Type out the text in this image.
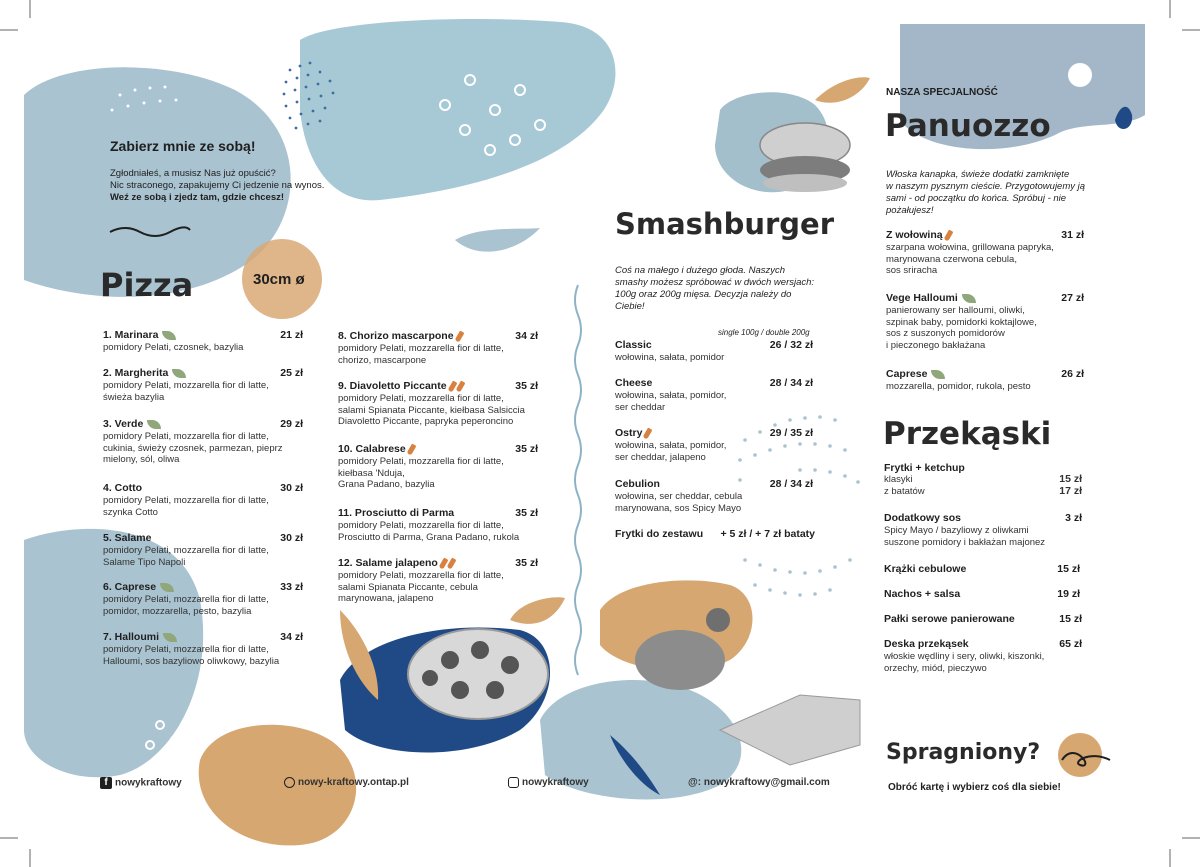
Zabierz mnie ze sobą!
Zgłodniałeś, a musisz Nas już opuścić?
Nic straconego, zapakujemy Ci jedzenie na wynos.
Weź ze sobą i zjedz tam, gdzie chcesz!
Pizza	30cm ø
1. Marinara	21 zł
pomidory Pelati, czosnek, bazylia
2. Margherita	25 zł
pomidory Pelati, mozzarella fior di latte,
świeża bazylia
3. Verde	29 zł
pomidory Pelati, mozzarella fior di latte,
cukinia, świeży czosnek, parmezan, pieprz
mielony, sól, oliwa
4. Cotto	30 zł
pomidory Pelati, mozzarella fior di latte,
szynka Cotto
5. Salame	30 zł
pomidory Pelati, mozzarella fior di latte,
Salame Tipo Napoli
6. Caprese	33 zł
pomidory Pelati, mozzarella fior di latte,
pomidor, mozzarella, pesto, bazylia
7. Halloumi	34 zł
pomidory Pelati, mozzarella fior di latte,
Halloumi, sos bazyliowo oliwkowy, bazylia
8. Chorizo mascarpone	34 zł
pomidory Pelati, mozzarella fior di latte,
chorizo, mascarpone
9. Diavoletto Piccante	35 zł
pomidory Pelati, mozzarella fior di latte,
salami Spianata Piccante, kiełbasa Salsiccia
Diavoletto Piccante, papryka peperoncino
10. Calabrese	35 zł
pomidory Pelati, mozzarella fior di latte,
kiełbasa 'Nduja,
Grana Padano, bazylia
11. Prosciutto di Parma	35 zł
pomidory Pelati, mozzarella fior di latte,
Prosciutto di Parma, Grana Padano, rukola
12. Salame jalapeno	35 zł
pomidory Pelati, mozzarella fior di latte,
salami Spianata Piccante, cebula
marynowana, jalapeno
Smashburger
Coś na małego i dużego głoda. Naszych
smashy możesz spróbować w dwóch wersjach:
100g oraz 200g mięsa. Decyzja należy do
Ciebie!
single 100g / double 200g
Classic	26 / 32 zł
wołowina, sałata, pomidor
Cheese	28 / 34 zł
wołowina, sałata, pomidor,
ser cheddar
Ostry	29 / 35 zł
wołowina, sałata, pomidor,
ser cheddar, jalapeno
Cebulion	28 / 34 zł
wołowina, ser cheddar, cebula
marynowana, sos Spicy Mayo
Frytki do zestawu + 5 zł / + 7 zł bataty
NASZA SPECJALNOŚĆ
Panuozzo
Włoska kanapka, świeże dodatki zamknięte
w naszym pysznym cieście. Przygotowujemy ją
sami - od początku do końca. Spróbuj - nie
pożałujesz!
Z wołowiną	31 zł
szarpana wołowina, grillowana papryka,
marynowana czerwona cebula,
sos sriracha
Vege Halloumi	27 zł
panierowany ser halloumi, oliwki,
szpinak baby, pomidorki koktajlowe,
sos z suszonych pomidorów
i pieczonego bakłażana
Caprese	26 zł
mozzarella, pomidor, rukola, pesto
Przekąski
Frytki + ketchup
klasyki	15 zł
z batatów	17 zł
Dodatkowy sos	3 zł
Spicy Mayo / bazyliowy z oliwkami
suszone pomidory i bakłażan majonez
Krążki cebulowe	15 zł
Nachos + salsa	19 zł
Pałki serowe panierowane	15 zł
Deska przekąsek	65 zł
włoskie wędliny i sery, oliwki, kiszonki,
orzechy, miód, pieczywo
Spragniony?
Obróć kartę i wybierz coś dla siebie!
f nowykraftowy	nowy-kraftowy.ontap.pl	nowykraftowy	@: nowykraftowy@gmail.com
